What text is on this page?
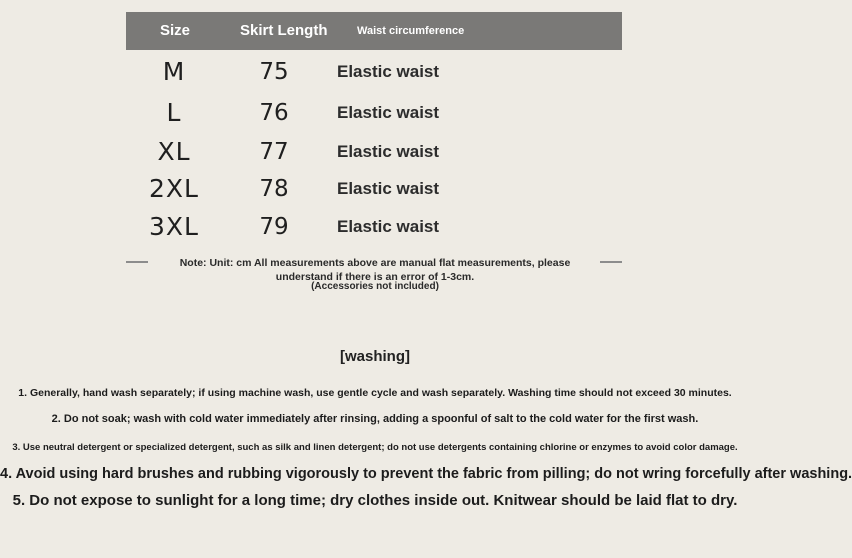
Size	Skirt Length	Waist circumference
M	75	Elastic waist
L	76	Elastic waist
XL	77	Elastic waist
2XL	78	Elastic waist
3XL	79	Elastic waist
Note: Unit: cm All measurements above are manual flat measurements, please understand if there is an error of 1-3cm.
(Accessories not included)
[washing]
1. Generally, hand wash separately; if using machine wash, use gentle cycle and wash separately. Washing time should not exceed 30 minutes.
2. Do not soak; wash with cold water immediately after rinsing, adding a spoonful of salt to the cold water for the first wash.
3. Use neutral detergent or specialized detergent, such as silk and linen detergent; do not use detergents containing chlorine or enzymes to avoid color damage.
4. Avoid using hard brushes and rubbing vigorously to prevent the fabric from pilling; do not wring forcefully after washing.
5. Do not expose to sunlight for a long time; dry clothes inside out. Knitwear should be laid flat to dry.
